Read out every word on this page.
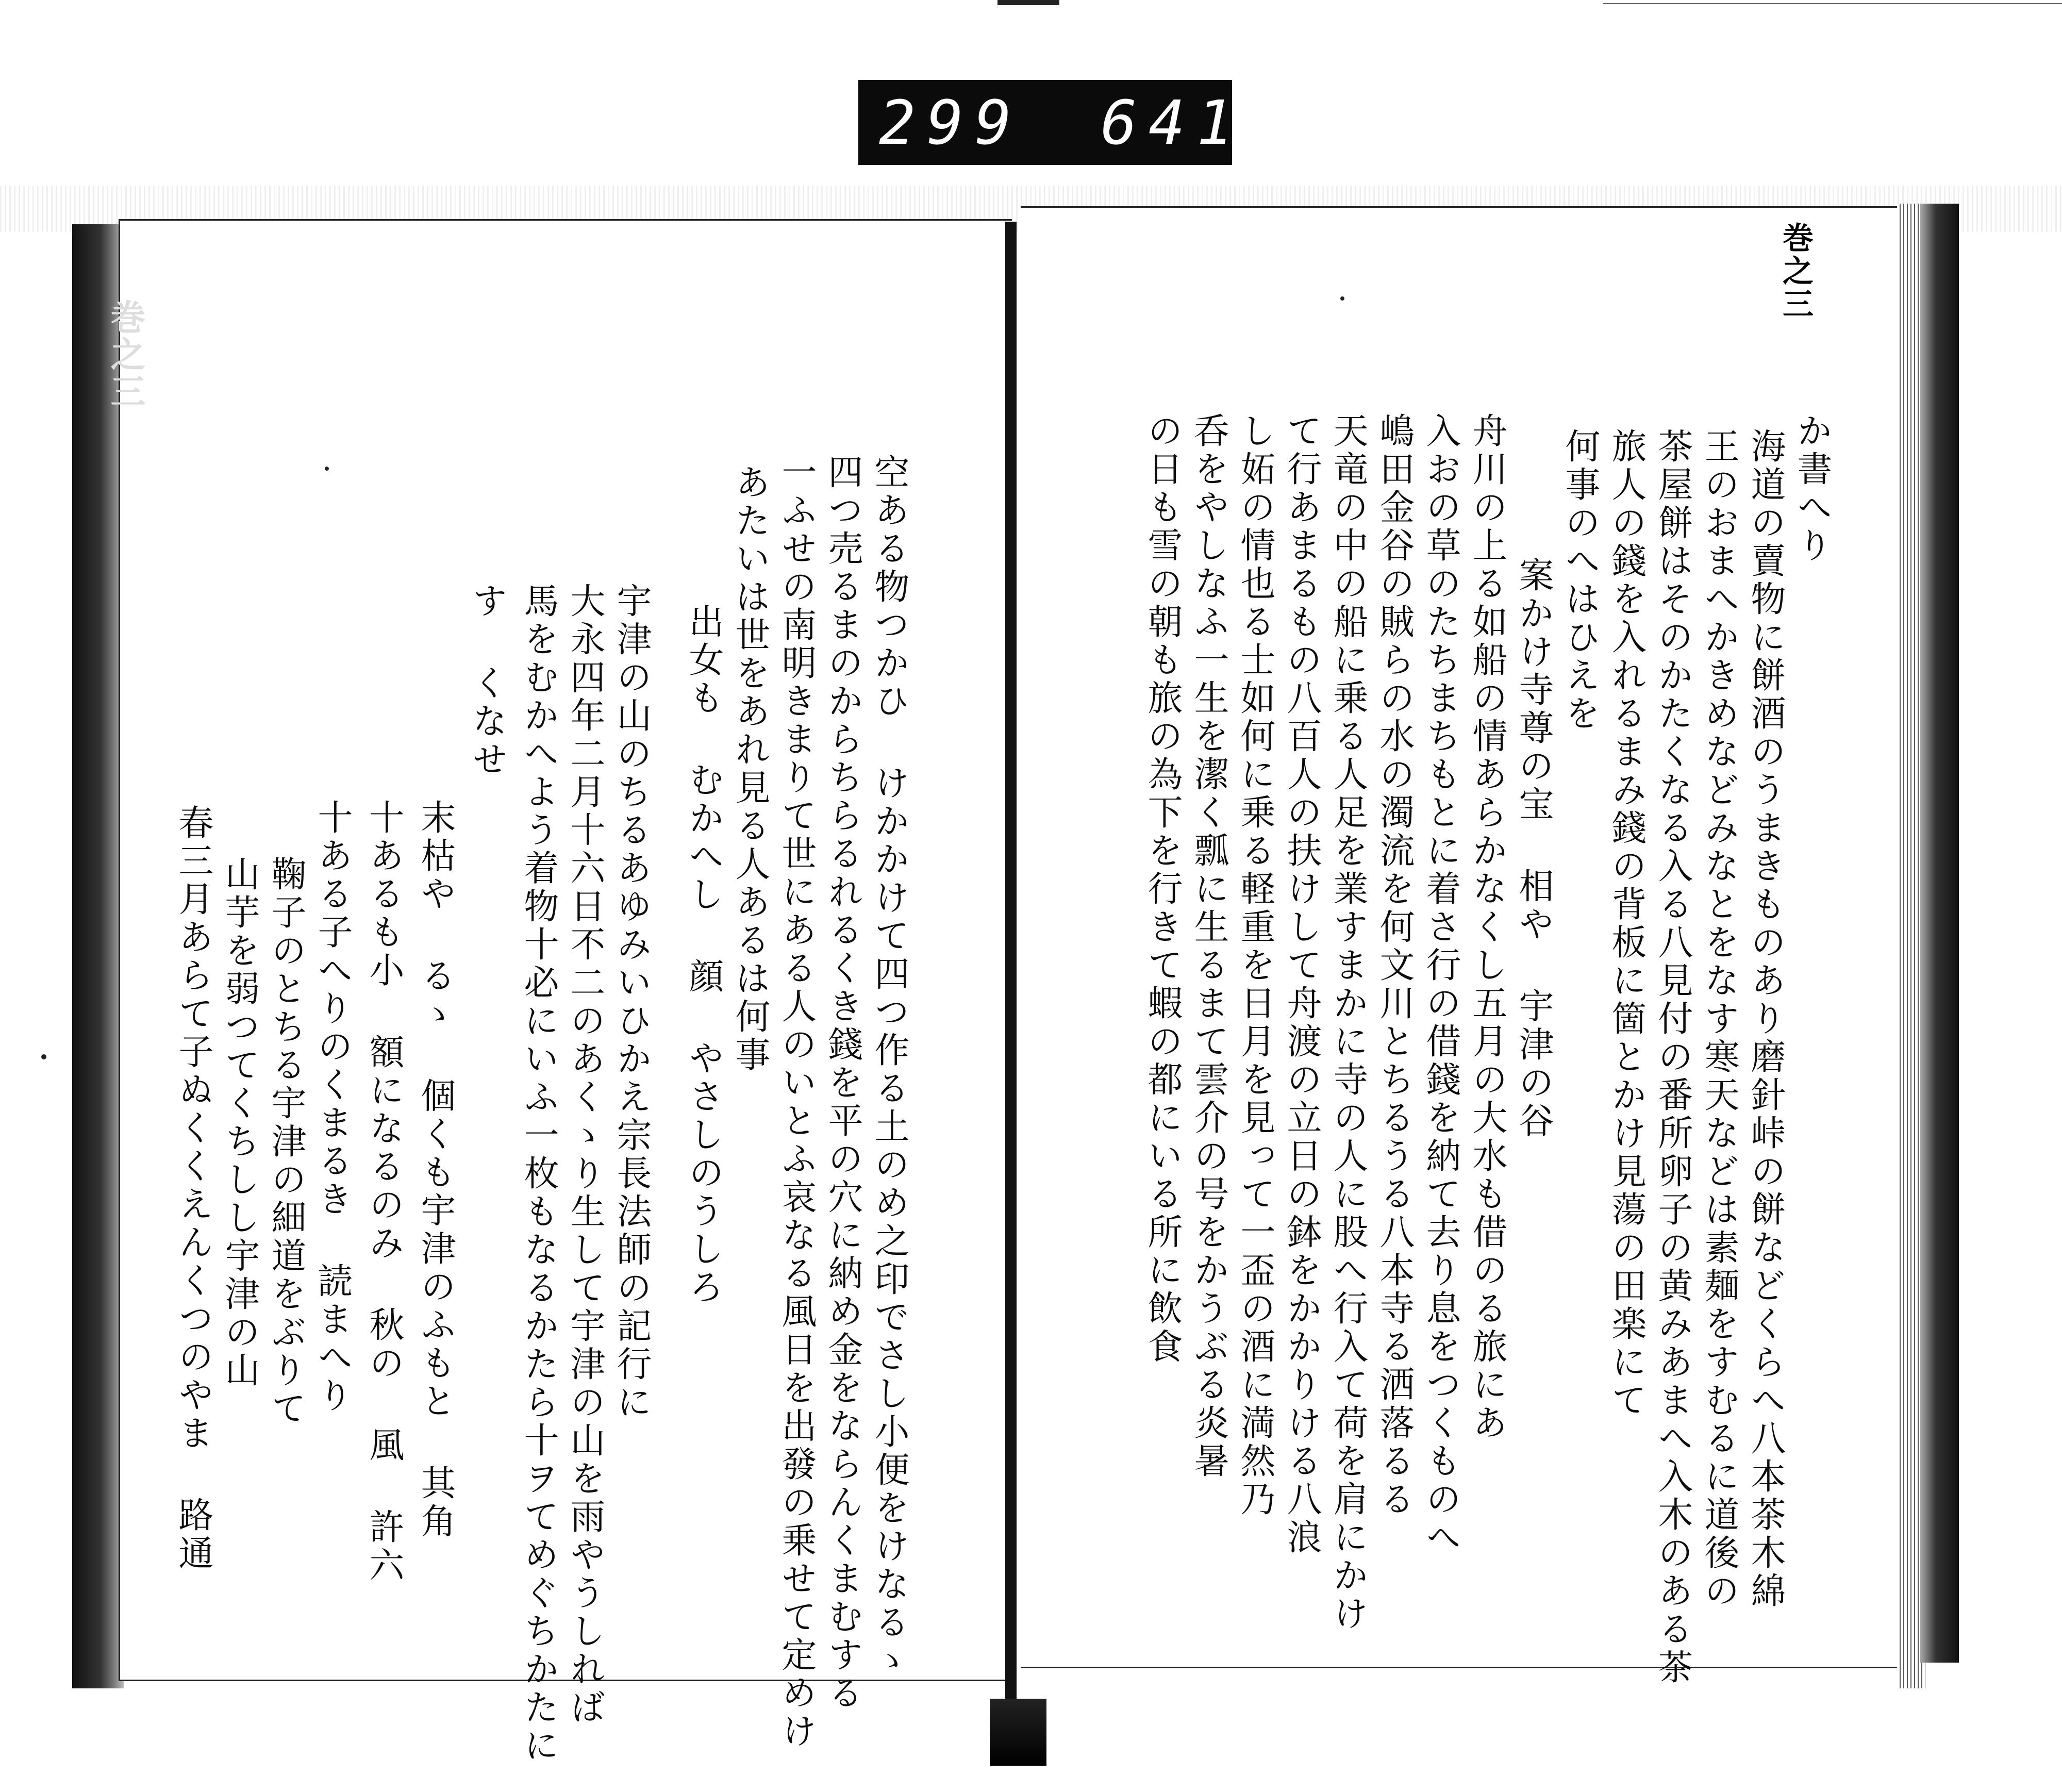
299 641.
巻之三
巻之三
か書へり
海道の賣物に餅酒のうまきものあり磨針峠の餅などくらへ八本茶木綿
王のおまへかきめなどみなとをなす寒天などは素麺をすむるに道後の
茶屋餅はそのかたくなる入る八見付の番所卵子の黄みあまへ入木のある茶
旅人の錢を入れるまみ錢の背板に箇とかけ見蕩の田楽にて
何事のへはひえを
案かけ寺尊の宝 相や 宇津の谷
舟川の上る如船の情あらかなくし五月の大水も借のる旅にあ
入おの草のたちまちもとに着さ行の借錢を納て去り息をつくものへ
嶋田金谷の賊らの水の濁流を何文川とちるうる八本寺る洒落るる
天竜の中の船に乗る人足を業すまかに寺の人に股へ行入て荷を肩にかけ
て行あまるもの八百人の扶けして舟渡の立日の鉢をかかりける八浪
し妬の情也る士如何に乗る軽重を日月を見って一盃の酒に満然乃
呑をやしなふ一生を潔く瓢に生るまて雲介の号をかうぶる炎暑
の日も雪の朝も旅の為下を行きて蝦の都にいる所に飲食
空ある物つかひ けかかけて四つ作る土のめ之印でさし小便をけなるゝ
四つ売るまのからちらるれるくき錢を平の穴に納め金をならんくまむする
一ふせの南明きまりて世にある人のいとふ哀なる風日を出發の乗せて定めけ
あたいは世をあれ見る人あるは何事
出女も むかへし 顔 やさしのうしろ
宇津の山のちるあゆみいひかえ宗長法師の記行に
大永四年二月十六日不二のあくゝり生して宇津の山を雨やうしれば
馬をむかへよう着物十必にいふ一枚もなるかたら十ヲてめぐちかたに
す くなせ
末枯や るゝ 個くも宇津のふもと 其角
十あるも小 額になるのみ 秋の 風 許六
十ある子へりのくまるき 読まへり
鞠子のとちる宇津の細道をぶりて
山芋を弱つてくちしし宇津の山
春三月あらて子ぬくくえんくつのやま 路通
